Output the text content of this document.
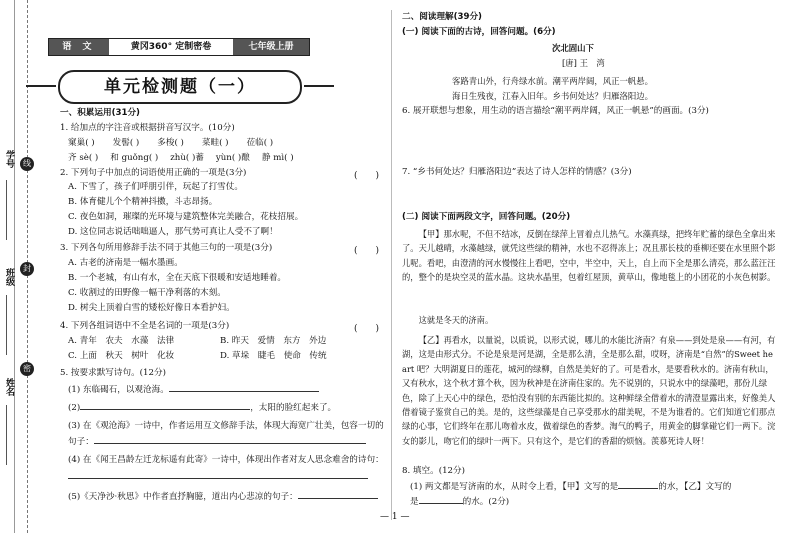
学号
班级
姓名
线
封
密
语 文	黄冈360° 定制密卷	七年级上册
单元检测题（一）
一、积累运用(31分)
1. 给加点的字注音或根据拼音写汉字。(10分)
窠巢( ) 发髻( ) 多梭( ) 菜畦( ) 莅临( )
齐 sè( ) 和 guǒng( ) zhù( )蓄 yùn( )酿 静 mì( )
2. 下列句子中加点的词语使用正确的一项是(3分)	(　　)
A. 下雪了，孩子们呼朋引伴，玩起了打雪仗。
B. 体育健儿个个精神抖擞，斗志昂扬。
C. 夜色如洞，璀璨的光环境与建筑整体完美融合，花枝招展。
D. 这位同志说话咄咄逼人，那气势可真让人受不了啊！
3. 下列各句所用修辞手法不同于其他三句的一项是(3分)	(　　)
A. 古老的济南是一幅水墨画。
B. 一个老城，有山有水，全在天底下很暖和安适地睡着。
C. 收割过的田野像一幅干净利落的木刻。
D. 树尖上顶着白雪的矮松好像日本看护妇。
4. 下列各组词语中不全是名词的一项是(3分)	(　　)
A. 青年　农夫　水藻　法律	B. 昨天　爱情　东方　外边
C. 上面　秋天　树叶　化妆	D. 草垛　睫毛　使命　传统
5. 按要求默写诗句。(12分)
(1) 东临碣石，以观沧海。
(2)	，太阳的脸红起来了。
(3) 在《观沧海》一诗中，作者运用互文修辞手法，体现大海宽广壮美，包容一切的
句子：
(4) 在《闻王昌龄左迁龙标遥有此寄》一诗中，体现出作者对友人思念难舍的诗句：
(5)《天净沙·秋思》中作者直抒胸臆，道出内心悲凉的句子：
二、阅读理解(39分)
(一) 阅读下面的古诗，回答问题。(6分)
次北固山下
[唐] 王　湾
客路青山外，行舟绿水前。潮平两岸阔，风正一帆悬。
海日生残夜，江春入旧年。乡书何处达？归雁洛阳边。
6. 展开联想与想象，用生动的语言描绘“潮平两岸阔，风正一帆悬”的画面。(3分)
7. “乡书何处达？归雁洛阳边”表达了诗人怎样的情感？(3分)
(二) 阅读下面两段文字，回答问题。(20分)
【甲】那水呢，不但不结冰，反倒在绿萍上冒着点儿热气。水藻真绿，把终年贮蓄的绿色全拿出来了。天儿越晴，水藻越绿，就凭这些绿的精神，水也不忍得冻上；况且那长枝的垂柳还要在水里照个影儿呢。看吧，由澄清的河水慢慢往上看吧，空中，半空中，天上，自上而下全是那么清亮，那么蓝汪汪的，整个的是块空灵的蓝水晶。这块水晶里，包着红屋顶，黄草山，像地毯上的小团花的小灰色树影。
这就是冬天的济南。
【乙】再看水，以量说，以质说，以形式说，哪儿的水能比济南？有泉——到处是泉——有河，有湖，这是由形式分。不论是泉是河是湖，全是那么清，全是那么甜，哎呀，济南是“自然”的Sweet heart 吧？大明湖夏日的莲花，城河的绿柳，自然是美好的了。可是看水，是要看秋水的。济南有秋山，又有秋水，这个秋才算个秋，因为秋神是在济南住家的。先不说别的，只说水中的绿藻吧，那份儿绿色，除了上天心中的绿色，恐怕没有别的东西能比拟的。这种鲜绿全借着水的清澄显露出来，好像美人借着镜子鉴赏自己的美。是的，这些绿藻是自己享受那水的甜美呢，不是为谁看的。它们知道它们那点绿的心事，它们终年在那儿吻着水皮，做着绿色的香梦。淘气的鸭子，用黄金的脚掌碰它们一两下。浣女的影儿，吻它们的绿叶一两下。只有这个，是它们的香甜的烦恼。羡慕死诗人呀！
8. 填空。(12分)
(1) 两文都是写济南的水，从时令上看，【甲】文写的是	的水，【乙】文写的
是	的水。(2分)
— 1 —
